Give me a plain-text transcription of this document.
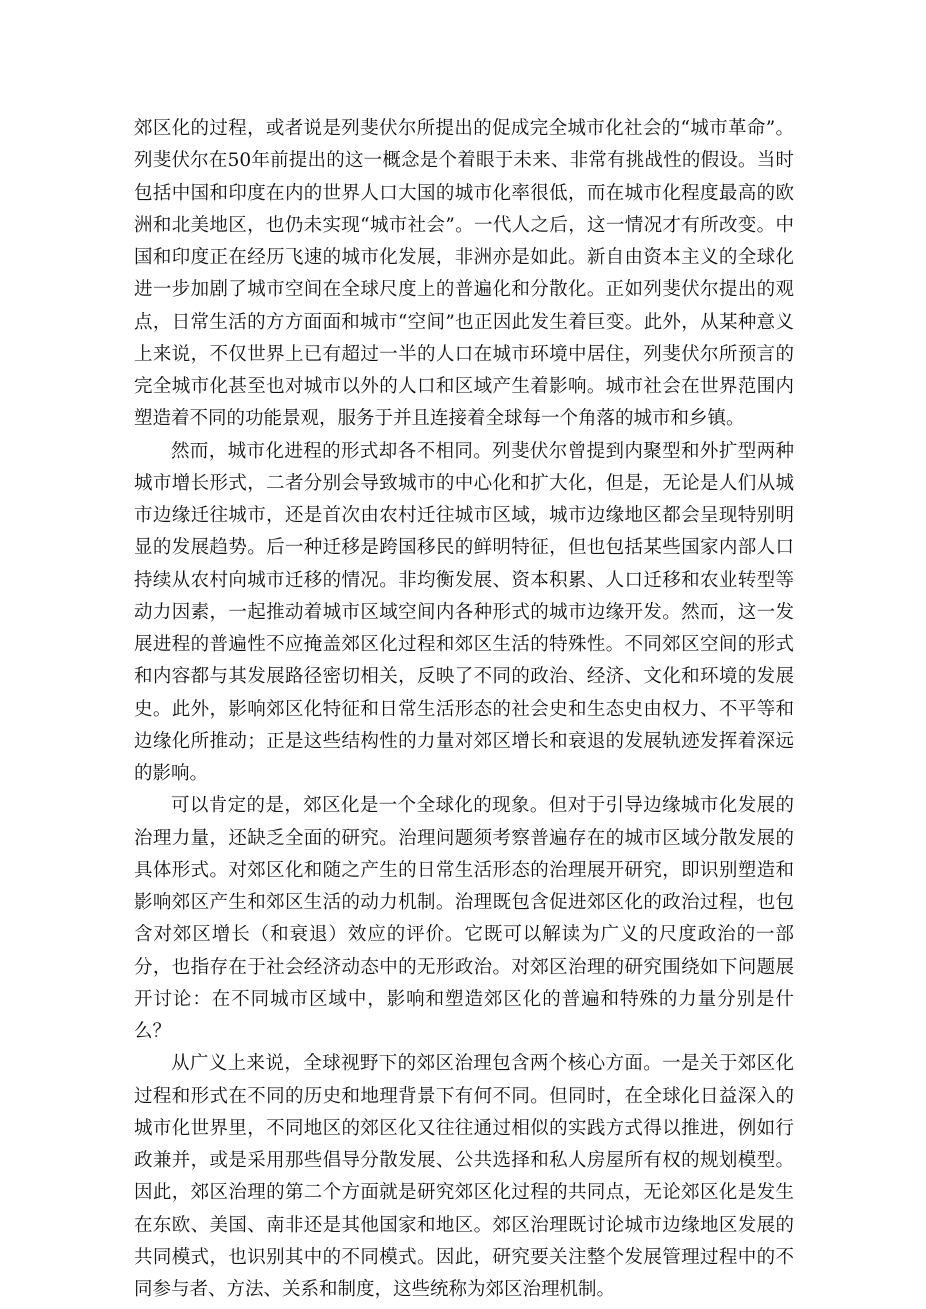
郊区化的过程，或者说是列斐伏尔所提出的促成完全城市化社会的“城市革命”。列斐伏尔在50年前提出的这一概念是个着眼于未来、非常有挑战性的假设。当时包括中国和印度在内的世界人口大国的城市化率很低，而在城市化程度最高的欧洲和北美地区，也仍未实现“城市社会”。一代人之后，这一情况才有所改变。中国和印度正在经历飞速的城市化发展，非洲亦是如此。新自由资本主义的全球化进一步加剧了城市空间在全球尺度上的普遍化和分散化。正如列斐伏尔提出的观点，日常生活的方方面面和城市“空间”也正因此发生着巨变。此外，从某种意义上来说，不仅世界上已有超过一半的人口在城市环境中居住，列斐伏尔所预言的完全城市化甚至也对城市以外的人口和区域产生着影响。城市社会在世界范围内塑造着不同的功能景观，服务于并且连接着全球每一个角落的城市和乡镇。

然而，城市化进程的形式却各不相同。列斐伏尔曾提到内聚型和外扩型两种城市增长形式，二者分别会导致城市的中心化和扩大化，但是，无论是人们从城市边缘迁往城市，还是首次由农村迁往城市区域，城市边缘地区都会呈现特别明显的发展趋势。后一种迁移是跨国移民的鲜明特征，但也包括某些国家内部人口持续从农村向城市迁移的情况。非均衡发展、资本积累、人口迁移和农业转型等动力因素，一起推动着城市区域空间内各种形式的城市边缘开发。然而，这一发展进程的普遍性不应掩盖郊区化过程和郊区生活的特殊性。不同郊区空间的形式和内容都与其发展路径密切相关，反映了不同的政治、经济、文化和环境的发展史。此外，影响郊区化特征和日常生活形态的社会史和生态史由权力、不平等和边缘化所推动；正是这些结构性的力量对郊区增长和衰退的发展轨迹发挥着深远的影响。

可以肯定的是，郊区化是一个全球化的现象。但对于引导边缘城市化发展的治理力量，还缺乏全面的研究。治理问题须考察普遍存在的城市区域分散发展的具体形式。对郊区化和随之产生的日常生活形态的治理展开研究，即识别塑造和影响郊区产生和郊区生活的动力机制。治理既包含促进郊区化的政治过程，也包含对郊区增长（和衰退）效应的评价。它既可以解读为广义的尺度政治的一部分，也指存在于社会经济动态中的无形政治。对郊区治理的研究围绕如下问题展开讨论：在不同城市区域中，影响和塑造郊区化的普遍和特殊的力量分别是什么？

从广义上来说，全球视野下的郊区治理包含两个核心方面。一是关于郊区化过程和形式在不同的历史和地理背景下有何不同。但同时，在全球化日益深入的城市化世界里，不同地区的郊区化又往往通过相似的实践方式得以推进，例如行政兼并，或是采用那些倡导分散发展、公共选择和私人房屋所有权的规划模型。因此，郊区治理的第二个方面就是研究郊区化过程的共同点，无论郊区化是发生在东欧、美国、南非还是其他国家和地区。郊区治理既讨论城市边缘地区发展的共同模式，也识别其中的不同模式。因此，研究要关注整个发展管理过程中的不同参与者、方法、关系和制度，这些统称为郊区治理机制。
